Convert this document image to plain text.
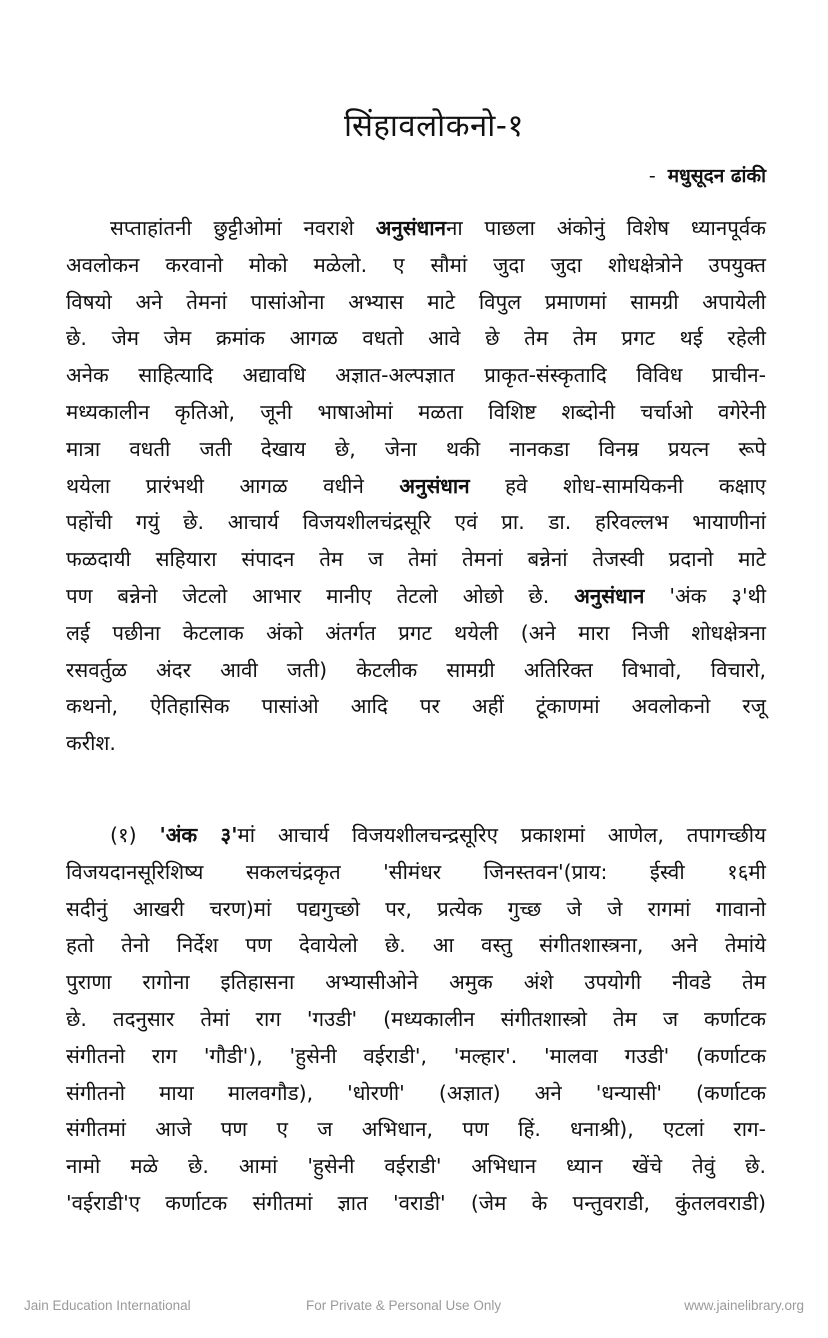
सिंहावलोकनो-१
- मधुसूदन ढांकी
सप्ताहांतनी छुट्टीओमां नवराशे अनुसंधानना पाछला अंकोनुं विशेष ध्यानपूर्वक
अवलोकन करवानो मोको मळेलो. ए सौमां जुदा जुदा शोधक्षेत्रोने उपयुक्त
विषयो अने तेमनां पासांओना अभ्यास माटे विपुल प्रमाणमां सामग्री अपायेली
छे. जेम जेम क्रमांक आगळ वधतो आवे छे तेम तेम प्रगट थई रहेली
अनेक साहित्यादि अद्यावधि अज्ञात-अल्पज्ञात प्राकृत-संस्कृतादि विविध प्राचीन-
मध्यकालीन कृतिओ, जूनी भाषाओमां मळता विशिष्ट शब्दोनी चर्चाओ वगेरेनी
मात्रा वधती जती देखाय छे, जेना थकी नानकडा विनम्र प्रयत्न रूपे
थयेला प्रारंभथी आगळ वधीने अनुसंधान हवे शोध-सामयिकनी कक्षाए
पहोंची गयुं छे. आचार्य विजयशीलचंद्रसूरि एवं प्रा. डा. हरिवल्लभ भायाणीनां
फळदायी सहियारा संपादन तेम ज तेमां तेमनां बन्नेनां तेजस्वी प्रदानो माटे
पण बन्नेनो जेटलो आभार मानीए तेटलो ओछो छे. अनुसंधान 'अंक ३'थी
लई पछीना केटलाक अंको अंतर्गत प्रगट थयेली (अने मारा निजी शोधक्षेत्रना
रसवर्तुळ अंदर आवी जती) केटलीक सामग्री अतिरिक्त विभावो, विचारो,
कथनो, ऐतिहासिक पासांओ आदि पर अहीं टूंकाणमां अवलोकनो रजू
करीश.
(१) 'अंक ३'मां आचार्य विजयशीलचन्द्रसूरिए प्रकाशमां आणेल, तपागच्छीय
विजयदानसूरिशिष्य सकलचंद्रकृत 'सीमंधर जिनस्तवन'(प्राय: ईस्वी १६मी
सदीनुं आखरी चरण)मां पद्यगुच्छो पर, प्रत्येक गुच्छ जे जे रागमां गावानो
हतो तेनो निर्देश पण देवायेलो छे. आ वस्तु संगीतशास्त्रना, अने तेमांये
पुराणा रागोना इतिहासना अभ्यासीओने अमुक अंशे उपयोगी नीवडे तेम
छे. तदनुसार तेमां राग 'गउडी' (मध्यकालीन संगीतशास्त्रो तेम ज कर्णाटक
संगीतनो राग 'गौडी'), 'हुसेनी वईराडी', 'मल्हार'. 'मालवा गउडी' (कर्णाटक
संगीतनो माया मालवगौड), 'धोरणी' (अज्ञात) अने 'धन्यासी' (कर्णाटक
संगीतमां आजे पण ए ज अभिधान, पण हिं. धनाश्री), एटलां राग-
नामो मळे छे. आमां 'हुसेनी वईराडी' अभिधान ध्यान खेंचे तेवुं छे.
'वईराडी'ए कर्णाटक संगीतमां ज्ञात 'वराडी' (जेम के पन्तुवराडी, कुंतलवराडी)
Jain Education International	For Private & Personal Use Only	www.jainelibrary.org
